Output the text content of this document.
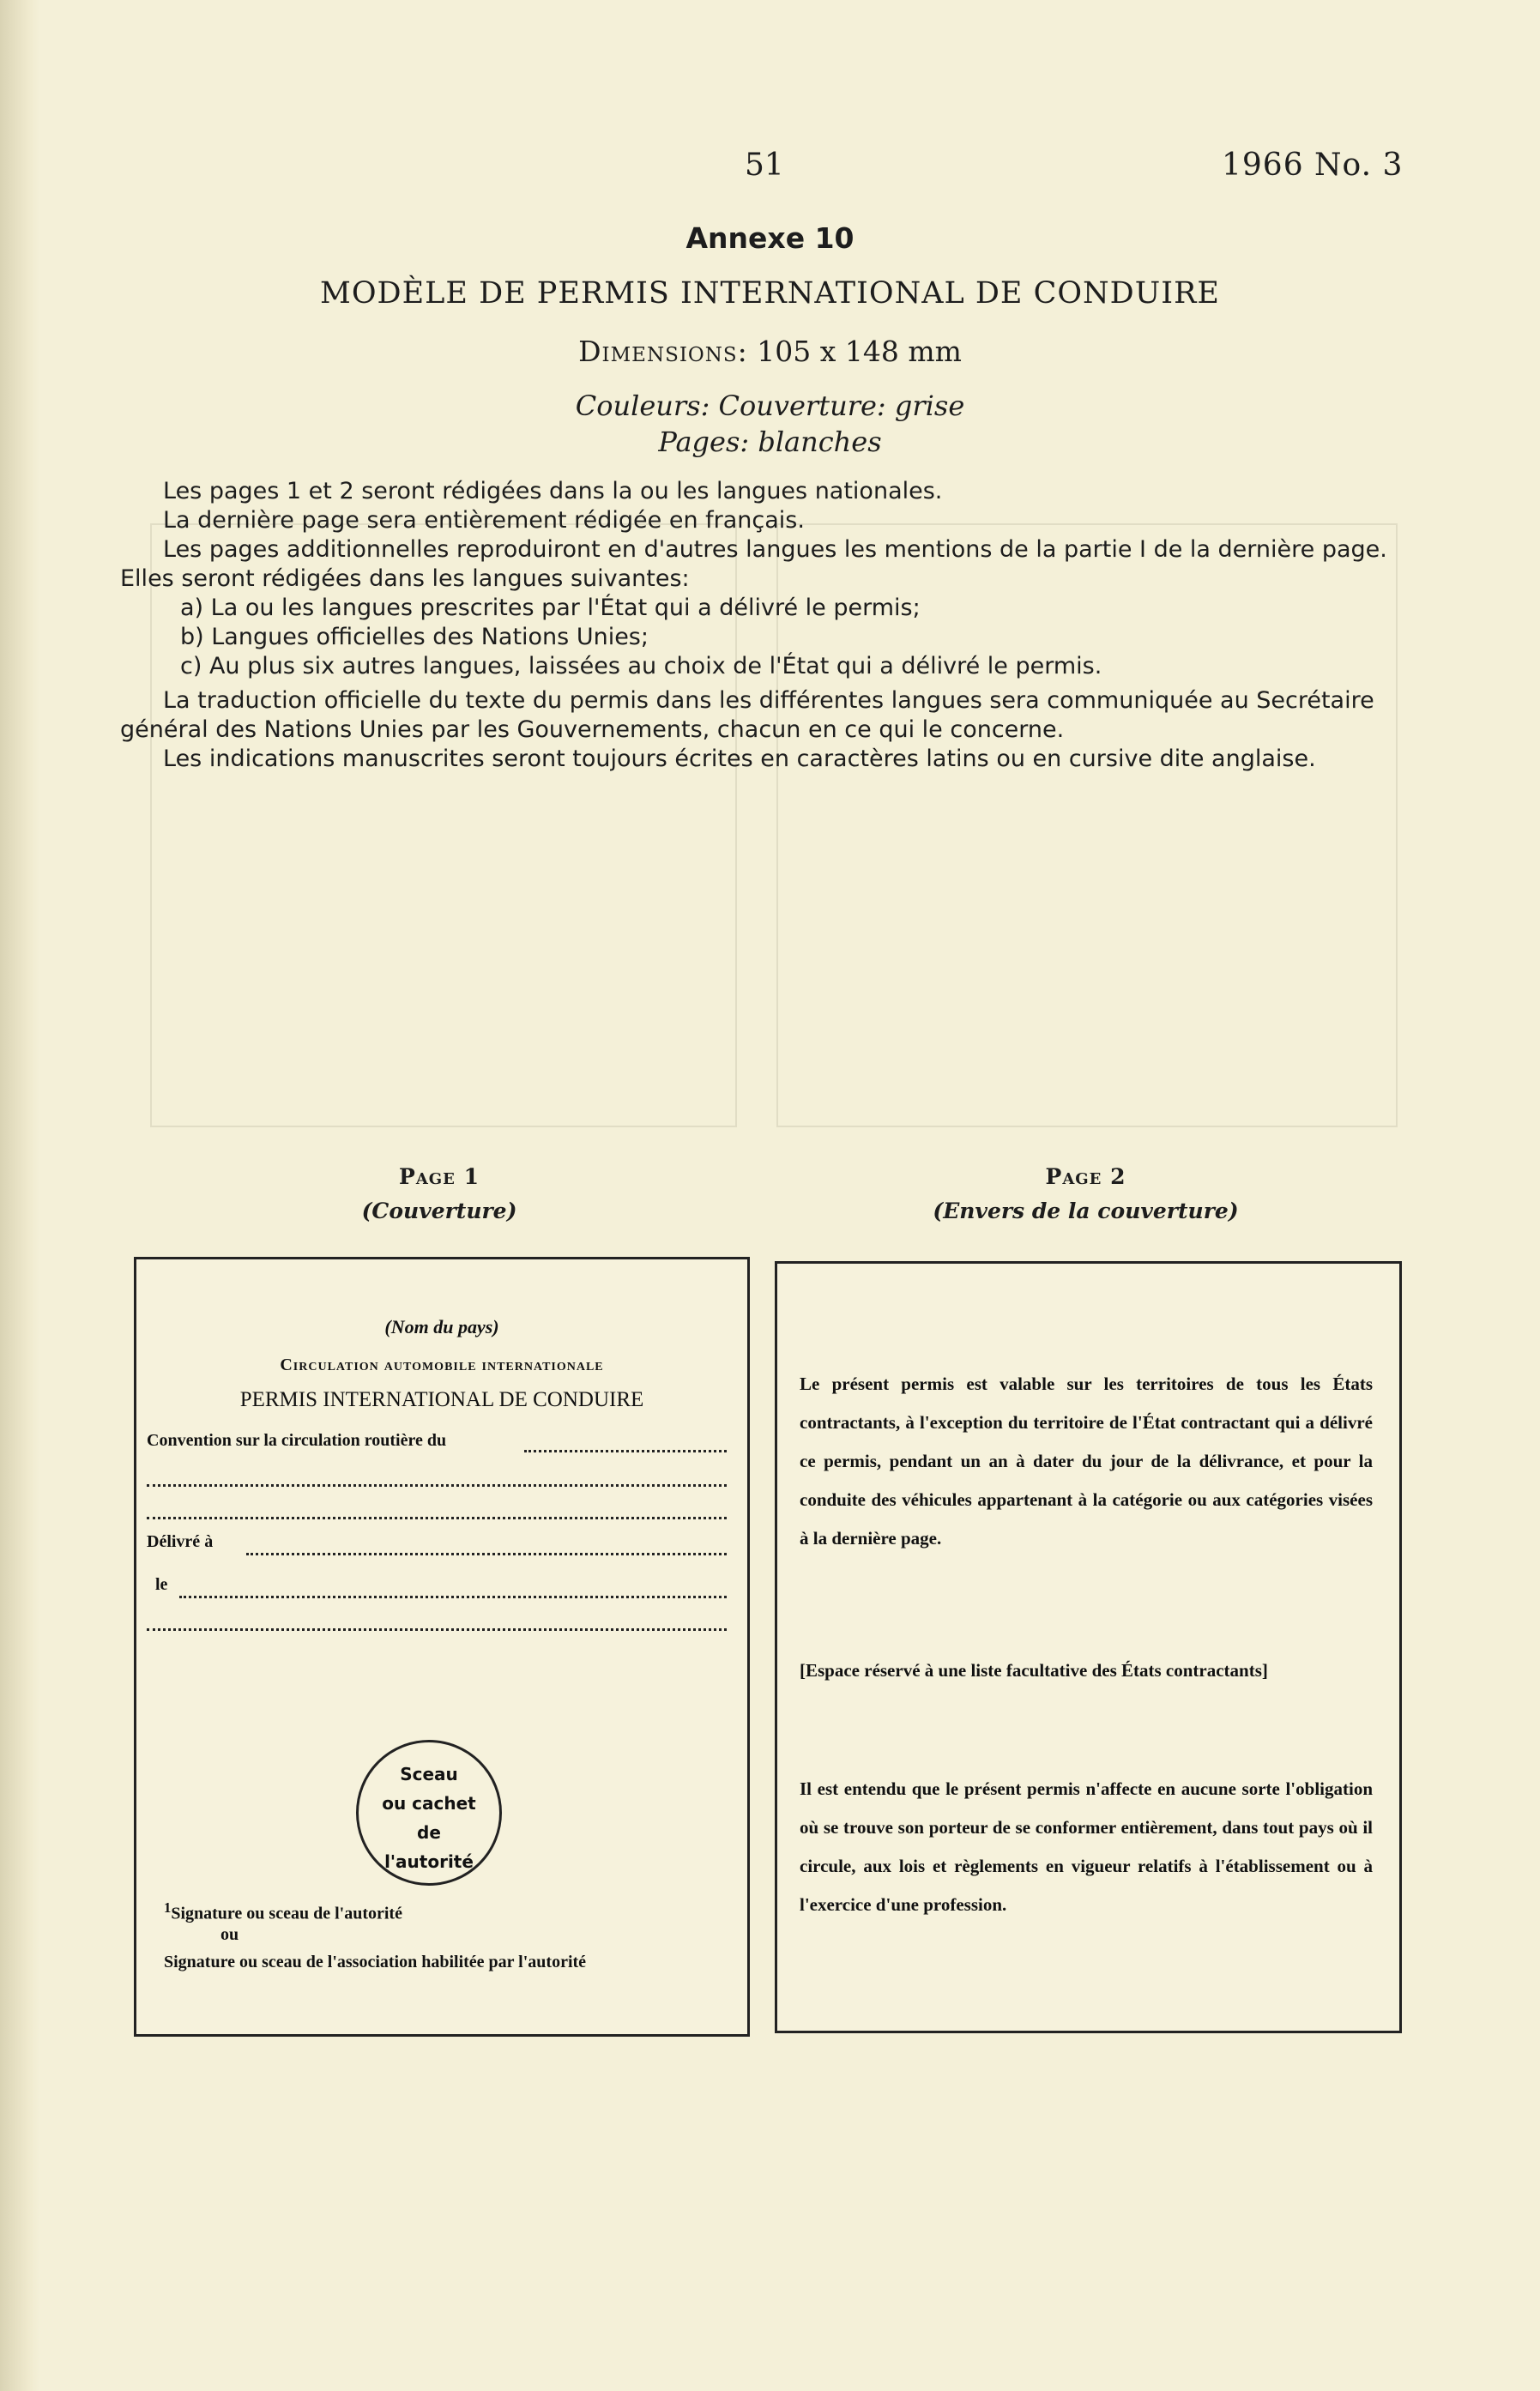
51	1966 No. 3
Annexe 10
MODÈLE DE PERMIS INTERNATIONAL DE CONDUIRE
Dimensions: 105 x 148 mm
Couleurs: Couverture: grise
Pages: blanches

Les pages 1 et 2 seront rédigées dans la ou les langues nationales.

La dernière page sera entièrement rédigée en français.

Les pages additionnelles reproduiront en d'autres langues les mentions de la partie I de la dernière page. Elles seront rédigées dans les langues suivantes:

a) La ou les langues prescrites par l'État qui a délivré le permis;

b) Langues officielles des Nations Unies;

c) Au plus six autres langues, laissées au choix de l'État qui a délivré le permis.

La traduction officielle du texte du permis dans les différentes langues sera communiquée au Secrétaire général des Nations Unies par les Gouvernements, chacun en ce qui le concerne.

Les indications manuscrites seront toujours écrites en caractères latins ou en cursive dite anglaise.

Page 1
(Couverture)
Page 2
(Envers de la couverture)
(Nom du pays)
Circulation automobile internationale
PERMIS INTERNATIONAL DE CONDUIRE
Convention sur la circulation routière du
Délivré à
le
Sceau
ou cachet
de
l'autorité
$^1$Signature ou sceau de l'autorité
ou
Signature ou sceau de l'association habilitée par l'autorité
Le présent permis est valable sur les territoires de tous les États contractants, à l'exception du territoire de l'État contractant qui a délivré ce permis, pendant un an à dater du jour de la délivrance, et pour la conduite des véhicules appartenant à la catégorie ou aux catégories visées à la dernière page.
[Espace réservé à une liste facultative des États contractants]
Il est entendu que le présent permis n'affecte en aucune sorte l'obligation où se trouve son porteur de se conformer entièrement, dans tout pays où il circule, aux lois et règlements en vigueur relatifs à l'établissement ou à l'exercice d'une profession.
